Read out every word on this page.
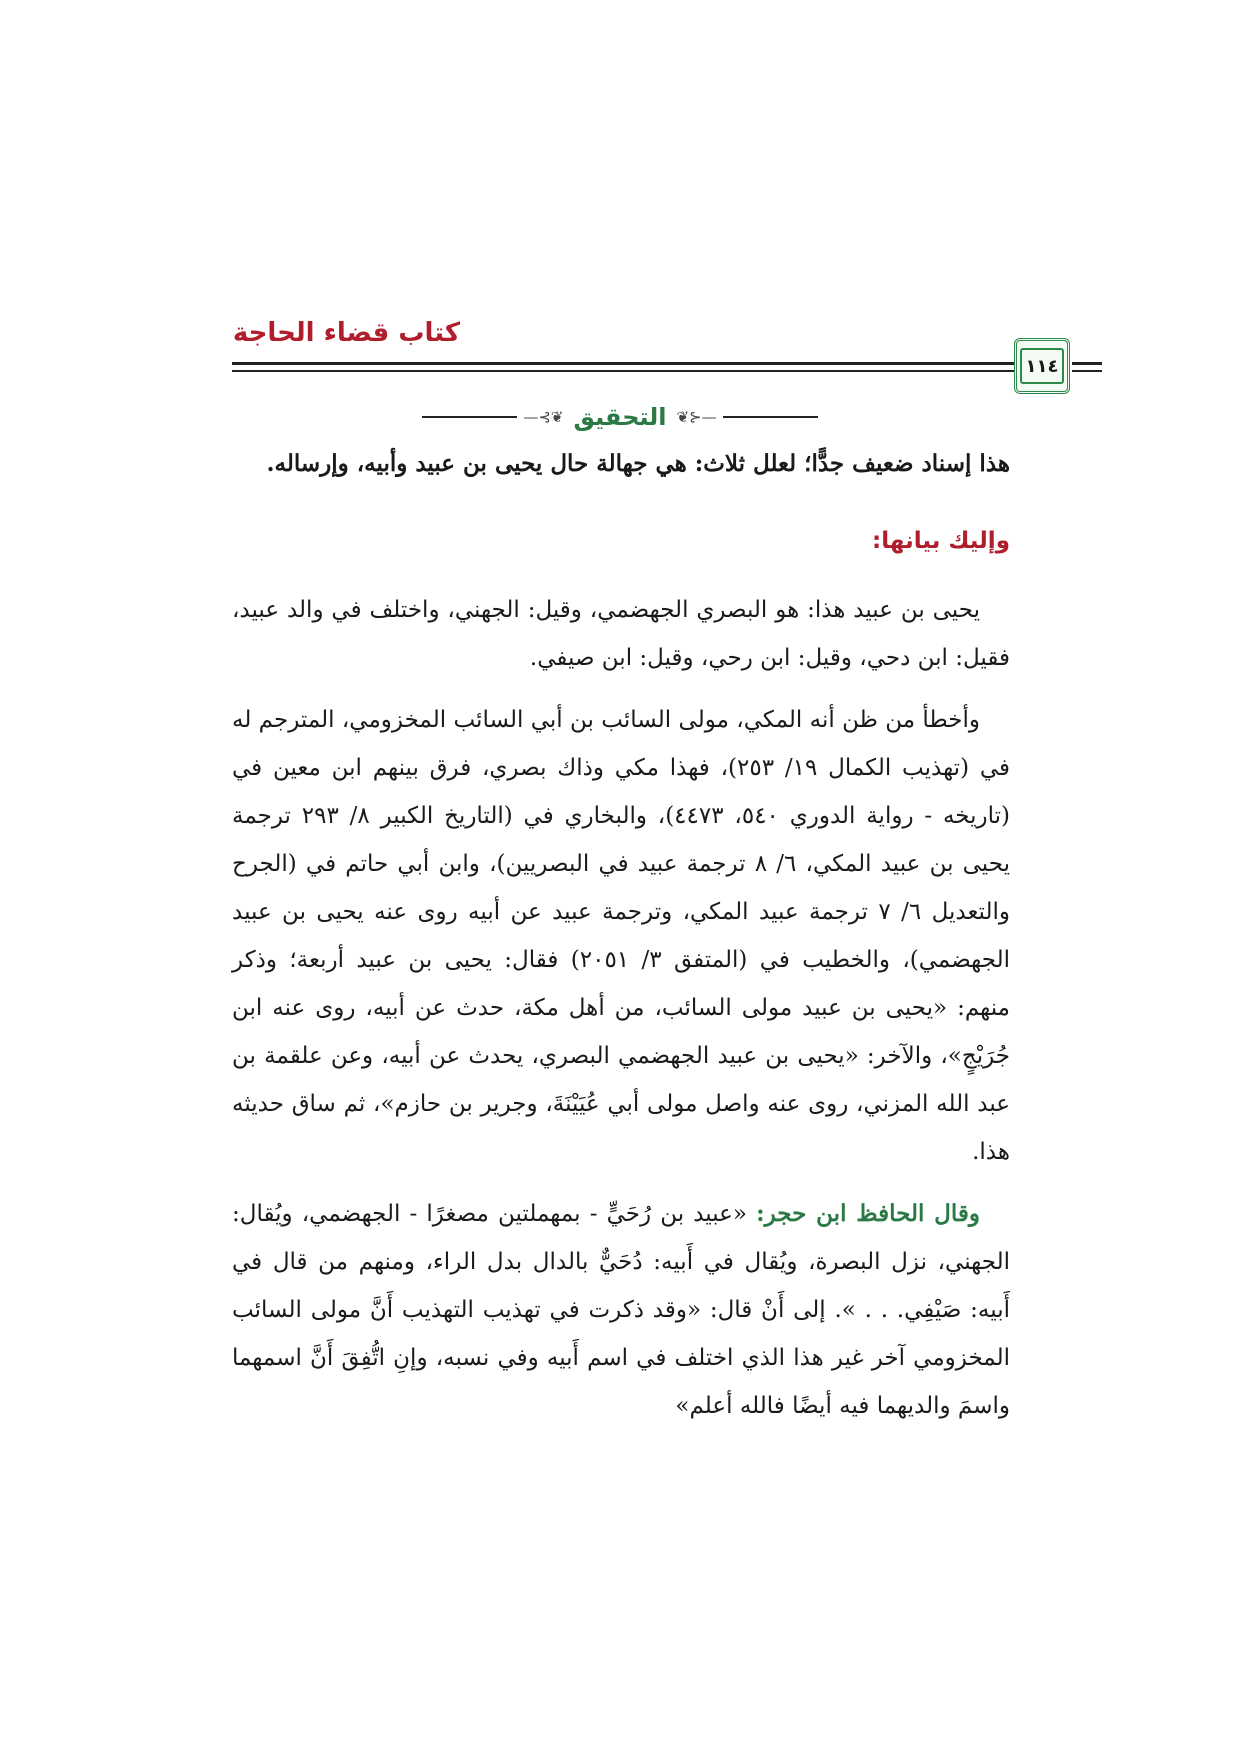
كتاب قضاء الحاجة
١١٤
—⊰❦
التحقيق
❦⊱—

هذا إسناد ضعيف جدًّا؛ لعلل ثلاث: هي جهالة حال يحيى بن عبيد وأبيه، وإرساله.

وإليك بيانها:

يحيى بن عبيد هذا: هو البصري الجهضمي، وقيل: الجهني، واختلف في والد عبيد، فقيل: ابن دحي، وقيل: ابن رحي، وقيل: ابن صيفي.

وأخطأ من ظن أنه المكي، مولى السائب بن أبي السائب المخزومي، المترجم له في (تهذيب الكمال ١٩/ ٢٥٣)، فهذا مكي وذاك بصري، فرق بينهم ابن معين في (تاريخه - رواية الدوري ٥٤٠، ٤٤٧٣)، والبخاري في (التاريخ الكبير ٨/ ٢٩٣ ترجمة يحيى بن عبيد المكي، ٦/ ٨ ترجمة عبيد في البصريين)، وابن أبي حاتم في (الجرح والتعديل ٦/ ٧ ترجمة عبيد المكي، وترجمة عبيد عن أبيه روى عنه يحيى بن عبيد الجهضمي)، والخطيب في (المتفق ٣/ ٢٠٥١) فقال: يحيى بن عبيد أربعة؛ وذكر منهم: «يحيى بن عبيد مولى السائب، من أهل مكة، حدث عن أبيه، روى عنه ابن جُرَيْجٍ»، والآخر: «يحيى بن عبيد الجهضمي البصري، يحدث عن أبيه، وعن علقمة بن عبد الله المزني، روى عنه واصل مولى أبي عُيَيْنَةَ، وجرير بن حازم»، ثم ساق حديثه هذا.

وقال الحافظ ابن حجر: «عبيد بن رُحَيٍّ - بمهملتين مصغرًا - الجهضمي، ويُقال: الجهني، نزل البصرة، ويُقال في أَبيه: دُحَيٌّ بالدال بدل الراء، ومنهم من قال في أَبيه: صَيْفِي. . . ». إلى أَنْ قال: «وقد ذكرت في تهذيب التهذيب أَنَّ مولى السائب المخزومي آخر غير هذا الذي اختلف في اسم أَبيه وفي نسبه، وإنِ اتُّفِقَ أَنَّ اسمهما واسمَ والديهما فيه أيضًا فالله أعلم»
